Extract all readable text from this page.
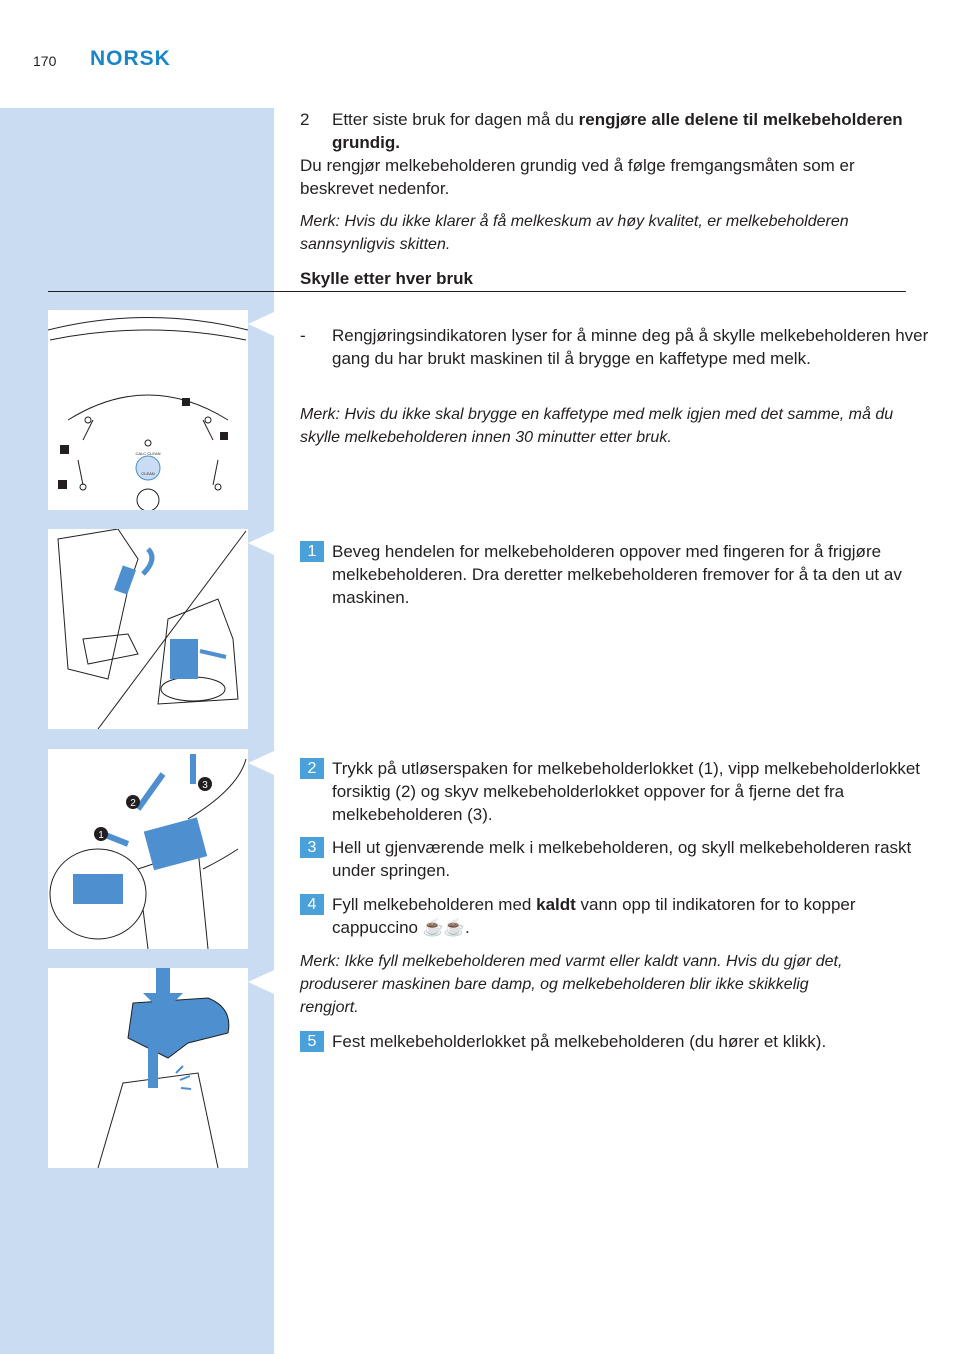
170 NORSK
2 Etter siste bruk for dagen må du rengjøre alle delene til melkebeholderen grundig.
Du rengjør melkebeholderen grundig ved å følge fremgangsmåten som er beskrevet nedenfor.
Merk: Hvis du ikke klarer å få melkeskum av høy kvalitet, er melkebeholderen sannsynligvis skitten.
Skylle etter hver bruk
- Rengjøringsindikatoren lyser for å minne deg på å skylle melkebeholderen hver gang du har brukt maskinen til å brygge en kaffetype med melk.
Merk: Hvis du ikke skal brygge en kaffetype med melk igjen med det samme, må du skylle melkebeholderen innen 30 minutter etter bruk.
1 Beveg hendelen for melkebeholderen oppover med fingeren for å frigjøre melkebeholderen. Dra deretter melkebeholderen fremover for å ta den ut av maskinen.
2 Trykk på utløserspaken for melkebeholderlokket (1), vipp melkebeholderlokket forsiktig (2) og skyv melkebeholderlokket oppover for å fjerne det fra melkebeholderen (3).
3 Hell ut gjenværende melk i melkebeholderen, og skyll melkebeholderen raskt under springen.
4 Fyll melkebeholderen med kaldt vann opp til indikatoren for to kopper cappuccino ☕☕.
Merk: Ikke fyll melkebeholderen med varmt eller kaldt vann. Hvis du gjør det, produserer maskinen bare damp, og melkebeholderen blir ikke skikkelig rengjort.
5 Fest melkebeholderlokket på melkebeholderen (du hører et klikk).
CALC CLEAN
CLEAN
1
2
3
